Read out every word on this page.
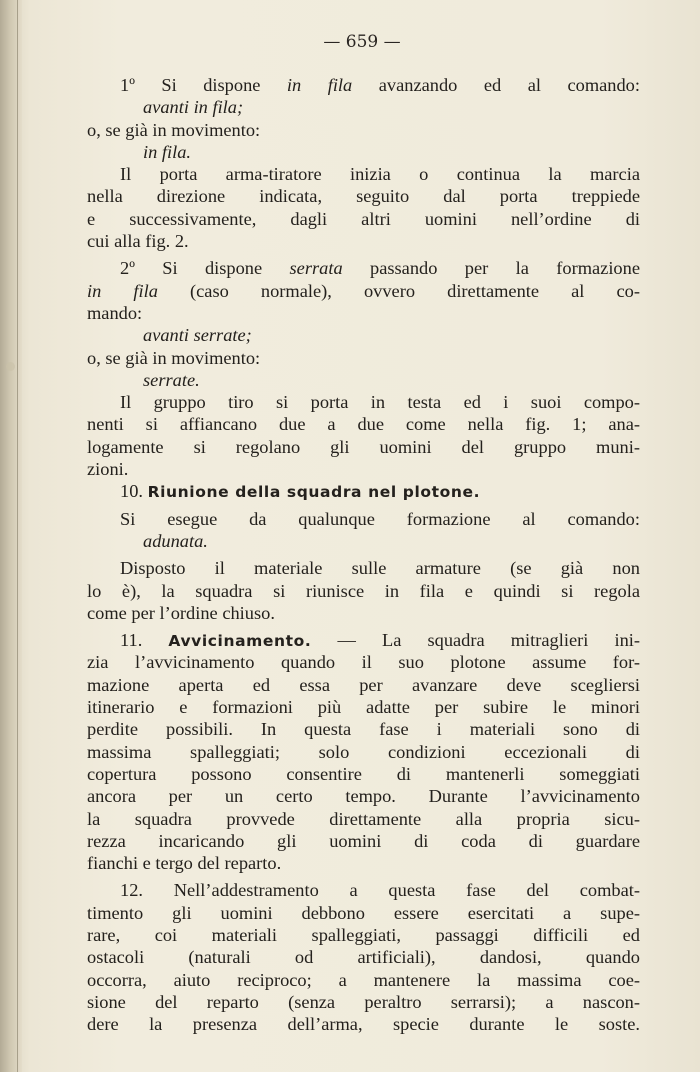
— 659 —
1º Si dispone in fila avanzando ed al comando:
avanti in fila;
o, se già in movimento:
in fila.
Il porta arma-tiratore inizia o continua la marcia
nella direzione indicata, seguito dal porta treppiede
e successivamente, dagli altri uomini nell’ordine di
cui alla fig. 2.
2º Si dispone serrata passando per la formazione
in fila (caso normale), ovvero direttamente al co-
mando:
avanti serrate;
o, se già in movimento:
serrate.
Il gruppo tiro si porta in testa ed i suoi compo-
nenti si affiancano due a due come nella fig. 1; ana-
logamente si regolano gli uomini del gruppo muni-
zioni.
10. Riunione della squadra nel plotone.
Si esegue da qualunque formazione al comando:
adunata.
Disposto il materiale sulle armature (se già non
lo è), la squadra si riunisce in fila e quindi si regola
come per l’ordine chiuso.
11. Avvicinamento. — La squadra mitraglieri ini-
zia l’avvicinamento quando il suo plotone assume for-
mazione aperta ed essa per avanzare deve scegliersi
itinerario e formazioni più adatte per subire le minori
perdite possibili. In questa fase i materiali sono di
massima spalleggiati; solo condizioni eccezionali di
copertura possono consentire di mantenerli someggiati
ancora per un certo tempo. Durante l’avvicinamento
la squadra provvede direttamente alla propria sicu-
rezza incaricando gli uomini di coda di guardare
fianchi e tergo del reparto.
12. Nell’addestramento a questa fase del combat-
timento gli uomini debbono essere esercitati a supe-
rare, coi materiali spalleggiati, passaggi difficili ed
ostacoli (naturali od artificiali), dandosi, quando
occorra, aiuto reciproco; a mantenere la massima coe-
sione del reparto (senza peraltro serrarsi); a nascon-
dere la presenza dell’arma, specie durante le soste.
